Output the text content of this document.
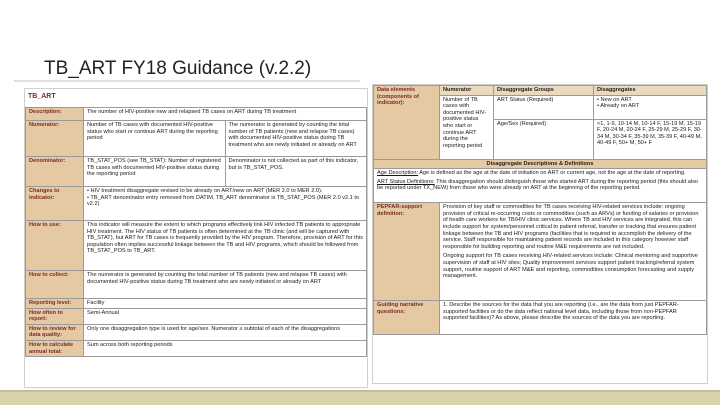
TB_ART FY18 Guidance (v.2.2)
TB_ART
Description:	The number of HIV-positive new and relapsed TB cases on ART during TB treatment	
Numerator:	Number of TB cases with documented HIV-positive status who start or continue ART during the reporting period	The numerator is generated by counting the total number of TB patients (new and relapse TB cases) with documented HIV-positive status during TB treatment who are newly initiated or already on ART
Denominator:	TB_STAT_POS (see TB_STAT): Number of registered TB cases with documented HIV-positive status during the reporting period	Denominator is not collected as part of this indicator, but is TB_STAT_POS.
Changes to indicator:	• HIV treatment disaggregate revised to be already on ART/new on ART (MER 2.0 to MER 2.0).
• TB_ART denominator entry removed from DATIM. TB_ART denominator is TB_STAT_POS (MER 2.0 v2.1 to v2.2)	

How to use:	This indicator will measure the extent to which programs effectively link HIV infected TB patients to appropriate HIV treatment. The HIV status of TB patients is often determined at the TB clinic (and will be captured with TB_STAT), but ART for TB cases is frequently provided by the HIV program. Therefore, provision of ART for this population often implies successful linkage between the TB and HIV programs, which should be followed from TB_STAT_POS to TB_ART.	
How to collect:	The numerator is generated by counting the total number of TB patients (new and relapse TB cases) with documented HIV-positive status during TB treatment who are newly initiated or already on ART	
Reporting level:	Facility	
How often to report:	Semi-Annual	
How to review for data quality:	Only one disaggregation type is used for age/sex. Numerator ≥ subtotal of each of the disaggregations	
How to calculate annual total:	Sum across both reporting periods	
Data elements (components of indicator):	Numerator	Disaggregate Groups	Disaggregates
	Number of TB cases with documented HIV-positive status who start or continue ART during the reporting period	ART Status (Required)	• New on ART
• Already on ART
		Age/Sex (Required)	<1, 1-9, 10-14 M, 10-14 F, 15-19 M, 15-19 F, 20-24 M, 20-24 F, 25-29 M, 25-29 F, 30-34 M, 30-34 F, 35-39 M, 35-39 F, 40-49 M, 40-49 F, 50+ M, 50+ F
Disaggregate Descriptions & Definitions			

Age Description: Age is defined as the age at the date of initiation on ART or current age, not the age at the date of reporting.
ART Status Definitions: This disaggregation should distinguish those who started ART during the reporting period (this should also be reported under TX_NEW) from those who were already on ART at the beginning of the reporting period.			

PEPFAR-support definition:	Provision of key staff or commodities for TB cases receiving HIV-related services include: ongoing provision of critical re-occurring costs or commodities (such as ARVs) or funding of salaries or provision of health care workers for TB/HIV clinic services. Where TB and HIV services are integrated, this can include support for system/personnel critical to patient referral, transfer or tracking that ensures patient linkage between the TB and HIV programs (facilities that is required to accomplish the delivery of the service. Staff responsible for maintaining patient records are included in this category however staff responsible for building reporting and routine M&E requirements are not included.
Ongoing support for TB cases receiving HIV-related services include: Clinical mentoring and supportive supervision of staff at HIV sites; Quality improvement services support patient tracking/referral system support, routine support of ART M&E and reporting, commodities consumption forecasting and supply management.		

Guiding narrative questions:	1. Describe the sources for the data that you are reporting (i.e., are the data from just PEPFAR-supported facilities or do the data reflect national level data, including those from non-PEPFAR supported facilities)? As above, please describe the sources of the data you are reporting.		
